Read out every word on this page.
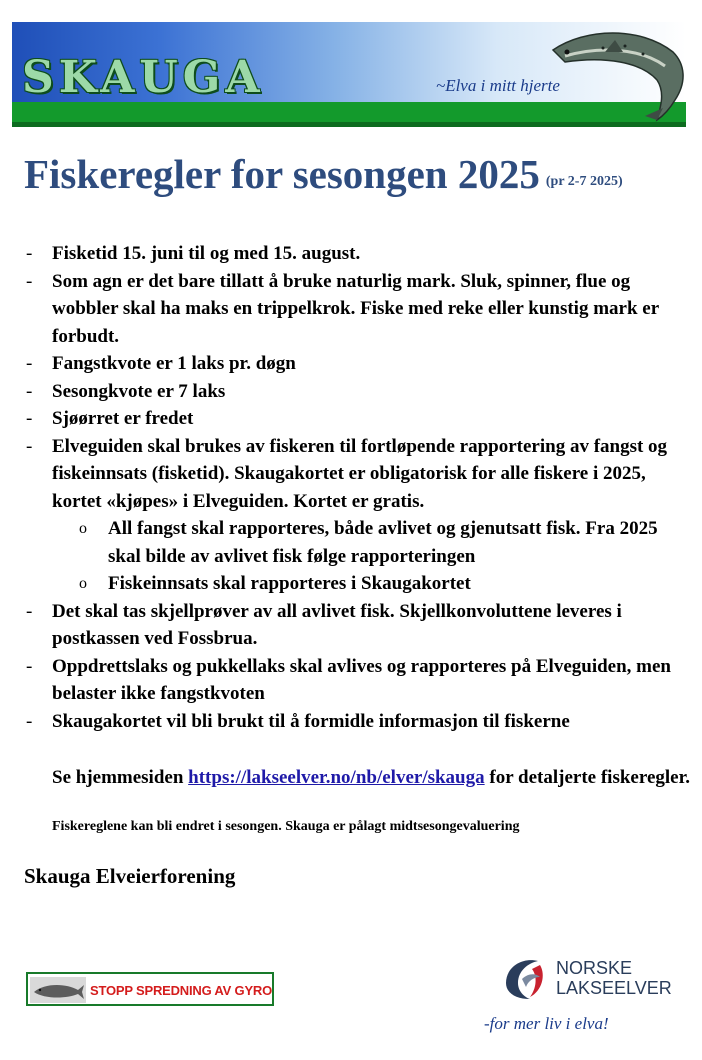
SKAUGA	~Elva i mitt hjerte
Fiskeregler for sesongen 2025 (pr 2-7 2025)
- Fisketid 15. juni til og med 15. august.
- Som agn er det bare tillatt å bruke naturlig mark. Sluk, spinner, flue og wobbler skal ha maks en trippelkrok. Fiske med reke eller kunstig mark er forbudt.
- Fangstkvote er 1 laks pr. døgn
- Sesongkvote er 7 laks
- Sjøørret er fredet
- Elveguiden skal brukes av fiskeren til fortløpende rapportering av fangst og fiskeinnsats (fisketid). Skaugakortet er obligatorisk for alle fiskere i 2025, kortet «kjøpes» i Elveguiden. Kortet er gratis.
o All fangst skal rapporteres, både avlivet og gjenutsatt fisk. Fra 2025 skal bilde av avlivet fisk følge rapporteringen
o Fiskeinnsats skal rapporteres i Skaugakortet
- Det skal tas skjellprøver av all avlivet fisk. Skjellkonvoluttene leveres i postkassen ved Fossbrua.
- Oppdrettslaks og pukkellaks skal avlives og rapporteres på Elveguiden, men belaster ikke fangstkvoten
- Skaugakortet vil bli brukt til å formidle informasjon til fiskerne
Se hjemmesiden https://lakseelver.no/nb/elver/skauga for detaljerte fiskeregler.
Fiskereglene kan bli endret i sesongen. Skauga er pålagt midtsesongevaluering
Skauga Elveierforening
STOPP SPREDNING AV GYRO
NORSKE
LAKSEELVER
-for mer liv i elva!
